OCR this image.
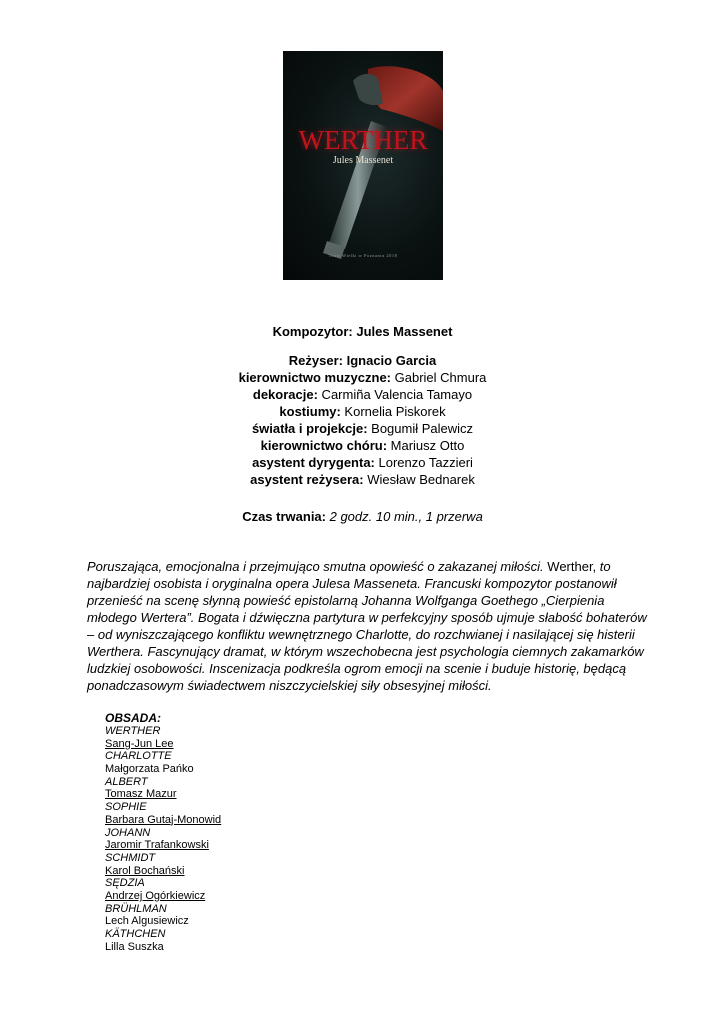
WERTHER
Jules Massenet
Teatr Wielki w Poznaniu 2018
Kompozytor: Jules Massenet
Reżyser: Ignacio Garcia
kierownictwo muzyczne: Gabriel Chmura
dekoracje: Carmiña Valencia Tamayo
kostiumy: Kornelia Piskorek
światła i projekcje: Bogumił Palewicz
kierownictwo chóru: Mariusz Otto
asystent dyrygenta: Lorenzo Tazzieri
asystent reżysera: Wiesław Bednarek
Czas trwania: 2 godz. 10 min., 1 przerwa
Poruszająca, emocjonalna i przejmująco smutna opowieść o zakazanej miłości. Werther, to najbardziej osobista i oryginalna opera Julesa Masseneta. Francuski kompozytor postanowił przenieść na scenę słynną powieść epistolarną Johanna Wolfganga Goethego „Cierpienia młodego Wertera”. Bogata i dźwięczna partytura w perfekcyjny sposób ujmuje słabość bohaterów – od wyniszczającego konfliktu wewnętrznego Charlotte, do rozchwianej i nasilającej się histerii Werthera. Fascynujący dramat, w którym wszechobecna jest psychologia ciemnych zakamarków ludzkiej osobowości. Inscenizacja podkreśla ogrom emocji na scenie i buduje historię, będącą ponadczasowym świadectwem niszczycielskiej siły obsesyjnej miłości.
OBSADA:
WERTHER
Sang-Jun Lee
CHARLOTTE
Małgorzata Pańko
ALBERT
Tomasz Mazur
SOPHIE
Barbara Gutaj-Monowid
JOHANN
Jaromir Trafankowski
SCHMIDT
Karol Bochański
SĘDZIA
Andrzej Ogórkiewicz
BRÜHLMAN
Lech Algusiewicz
KÄTHCHEN
Lilla Suszka
